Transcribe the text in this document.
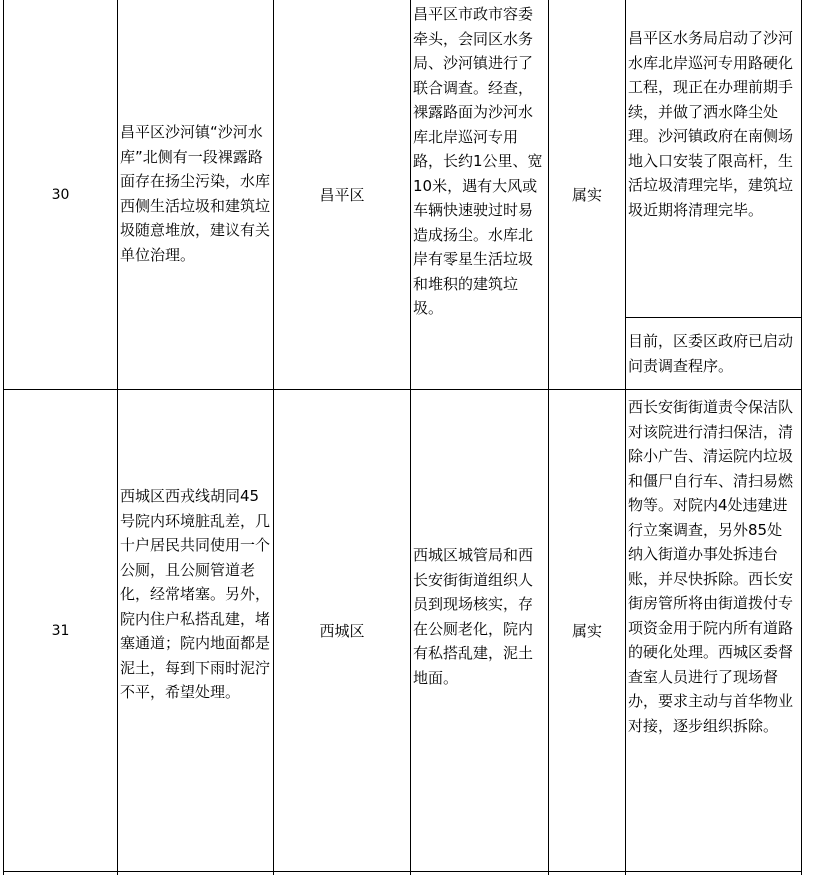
30
昌平区沙河镇“沙河水库”北侧有一段裸露路面存在扬尘污染，水库西侧生活垃圾和建筑垃圾随意堆放，建议有关单位治理。
昌平区
昌平区市政市容委牵头，会同区水务局、沙河镇进行了联合调查。经查，裸露路面为沙河水库北岸巡河专用路，长约1公里、宽10米，遇有大风或车辆快速驶过时易造成扬尘。水库北岸有零星生活垃圾和堆积的建筑垃圾。
属实
昌平区水务局启动了沙河水库北岸巡河专用路硬化工程，现正在办理前期手续，并做了洒水降尘处理。沙河镇政府在南侧场地入口安装了限高杆，生活垃圾清理完毕，建筑垃圾近期将清理完毕。
目前，区委区政府已启动问责调查程序。
31
西城区西戎线胡同45号院内环境脏乱差，几十户居民共同使用一个公厕，且公厕管道老化，经常堵塞。另外，院内住户私搭乱建，堵塞通道；院内地面都是泥土，每到下雨时泥泞不平，希望处理。
西城区
西城区城管局和西长安街街道组织人员到现场核实，存在公厕老化，院内有私搭乱建，泥土地面。
属实
西长安街街道责令保洁队对该院进行清扫保洁，清除小广告、清运院内垃圾和僵尸自行车、清扫易燃物等。对院内4处违建进行立案调查，另外85处纳入街道办事处拆违台账，并尽快拆除。西长安街房管所将由街道拨付专项资金用于院内所有道路的硬化处理。西城区委督查室人员进行了现场督办，要求主动与首华物业对接，逐步组织拆除。
